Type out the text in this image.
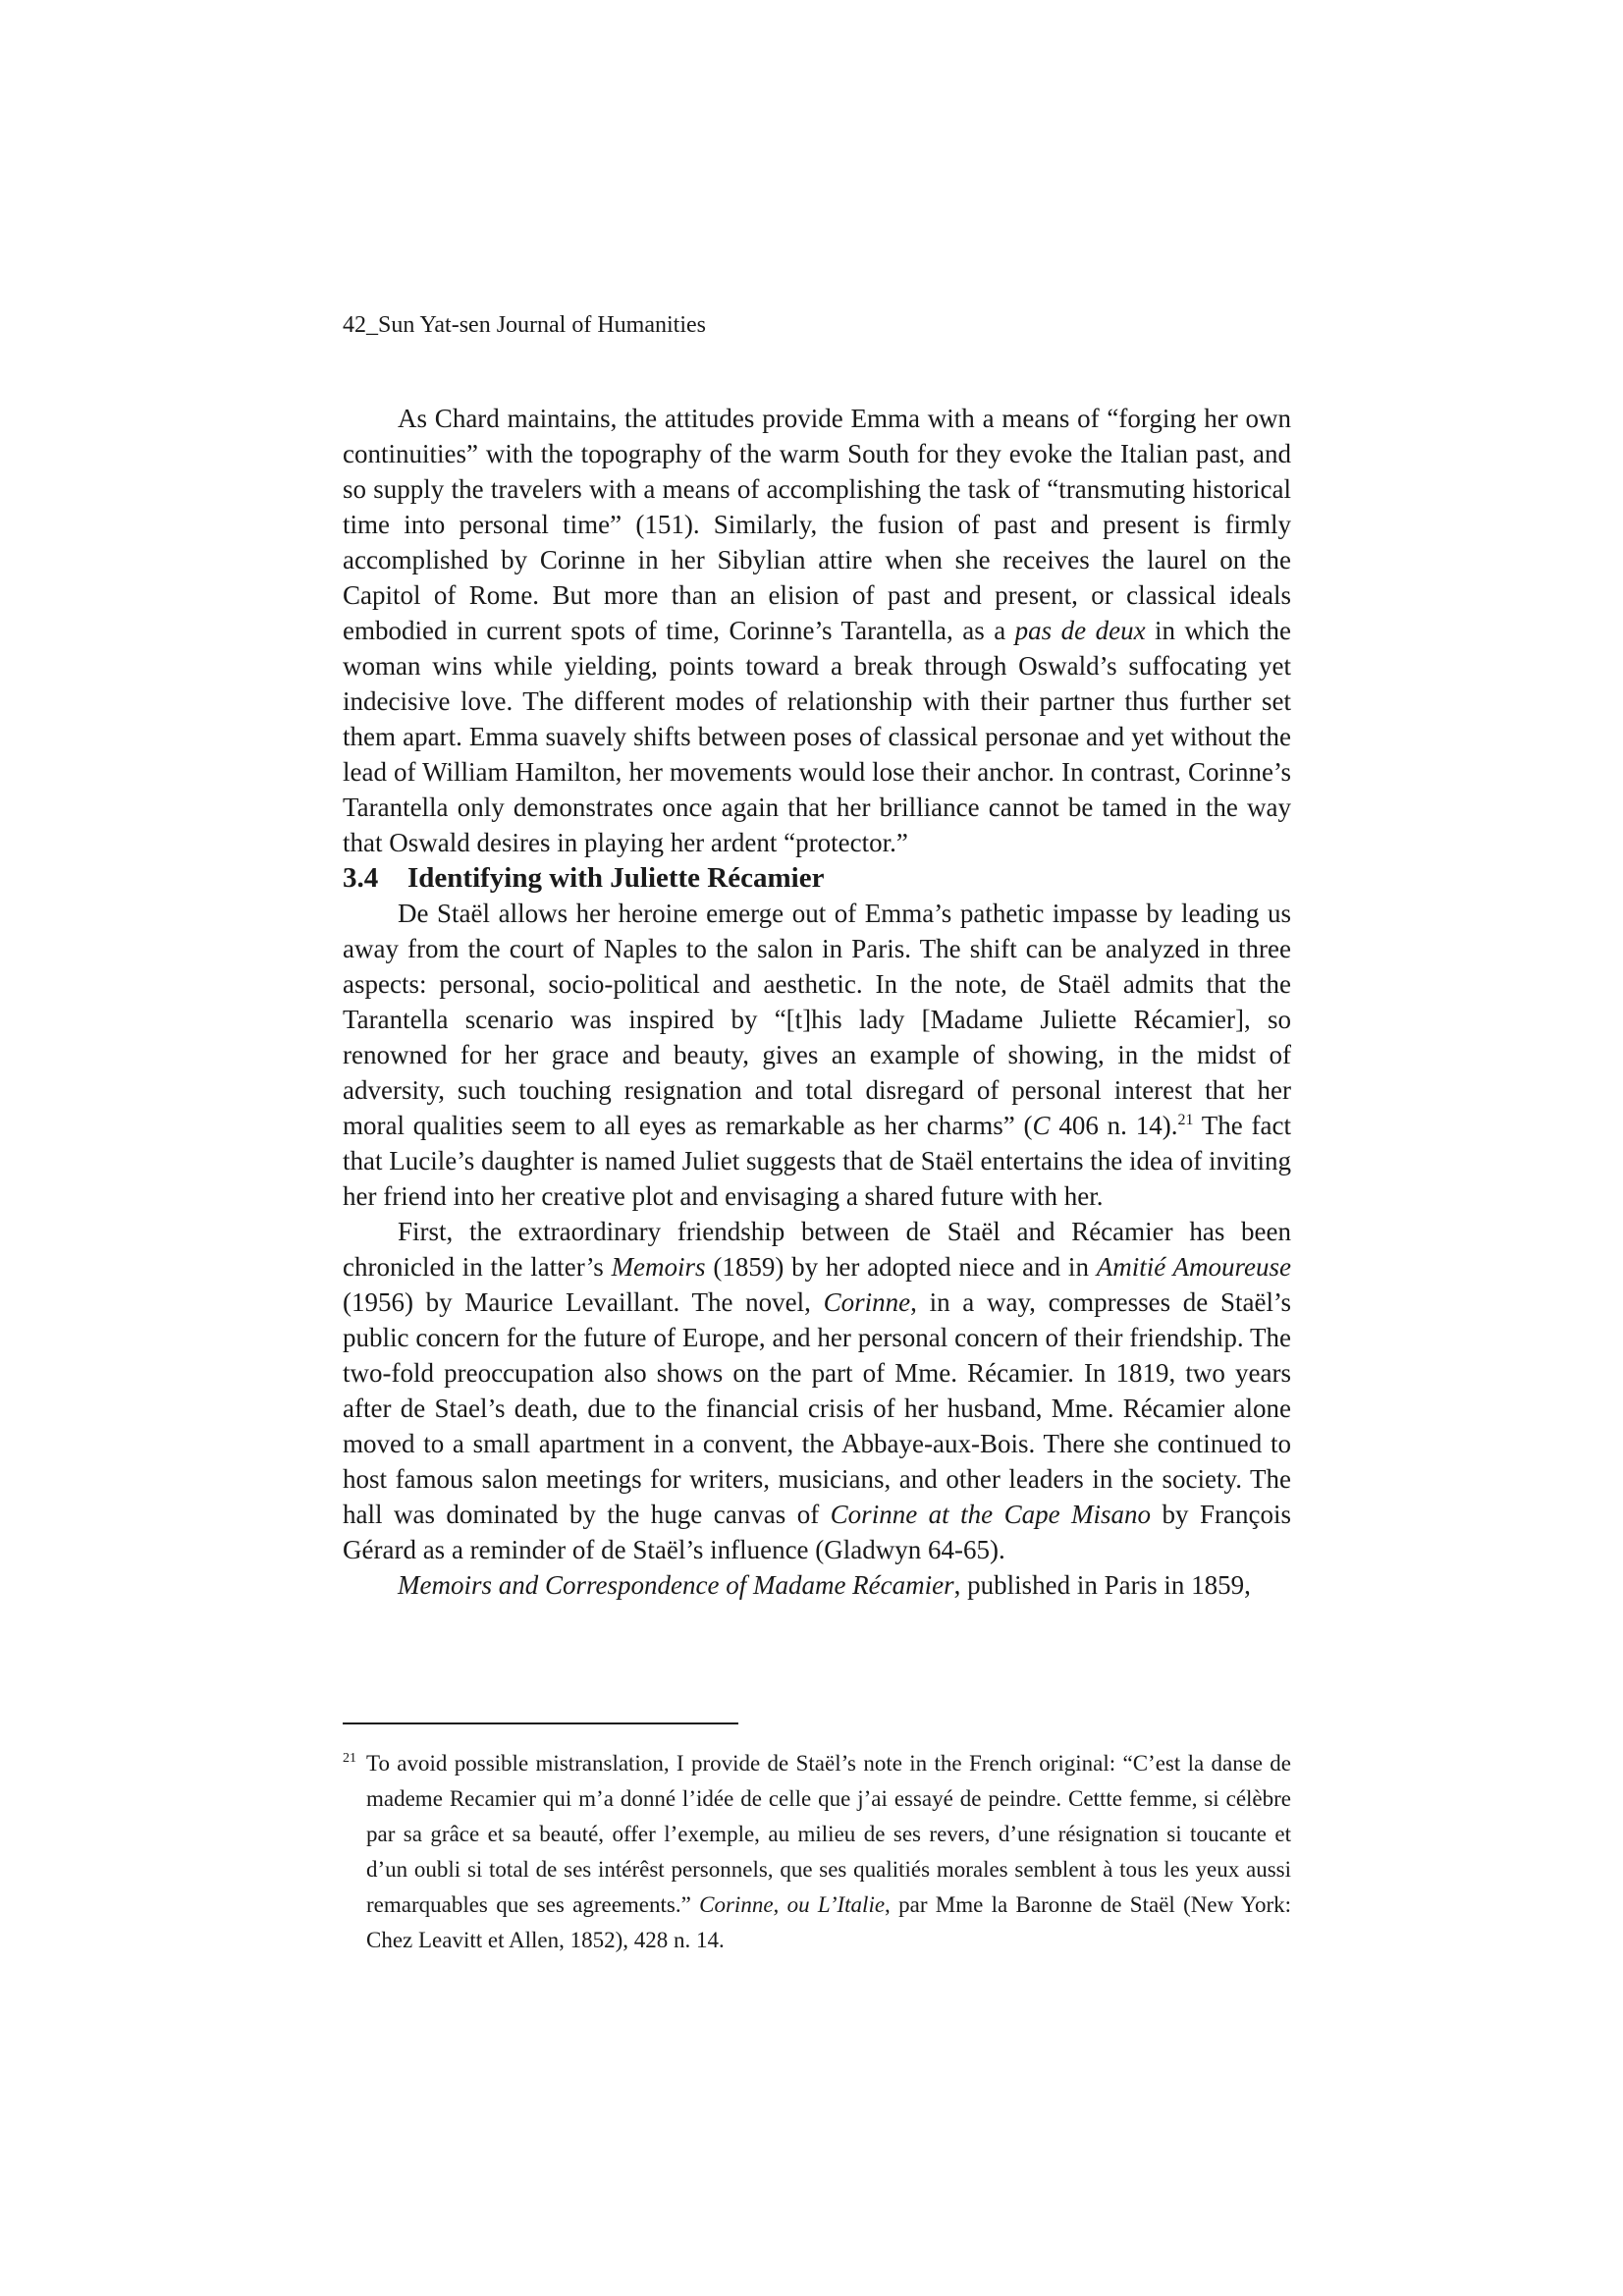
42_Sun Yat-sen Journal of Humanities

As Chard maintains, the attitudes provide Emma with a means of “forging her own continuities” with the topography of the warm South for they evoke the Italian past, and so supply the travelers with a means of accomplishing the task of “transmuting historical time into personal time” (151). Similarly, the fusion of past and present is firmly accomplished by Corinne in her Sibylian attire when she receives the laurel on the Capitol of Rome. But more than an elision of past and present, or classical ideals embodied in current spots of time, Corinne’s Tarantella, as a pas de deux in which the woman wins while yielding, points toward a break through Oswald’s suffocating yet indecisive love. The different modes of relationship with their partner thus further set them apart. Emma suavely shifts between poses of classical personae and yet without the lead of William Hamilton, her movements would lose their anchor. In contrast, Corinne’s Tarantella only demonstrates once again that her brilliance cannot be tamed in the way that Oswald desires in playing her ardent “protector.”

3.4 Identifying with Juliette Récamier

De Staël allows her heroine emerge out of Emma’s pathetic impasse by leading us away from the court of Naples to the salon in Paris. The shift can be analyzed in three aspects: personal, socio-political and aesthetic. In the note, de Staël admits that the Tarantella scenario was inspired by “[t]his lady [Madame Juliette Récamier], so renowned for her grace and beauty, gives an example of showing, in the midst of adversity, such touching resignation and total disregard of personal interest that her moral qualities seem to all eyes as remarkable as her charms” (C 406 n. 14).$^{21}$ The fact that Lucile’s daughter is named Juliet suggests that de Staël entertains the idea of inviting her friend into her creative plot and envisaging a shared future with her.

First, the extraordinary friendship between de Staël and Récamier has been chronicled in the latter’s Memoirs (1859) by her adopted niece and in Amitié Amoureuse (1956) by Maurice Levaillant. The novel, Corinne, in a way, compresses de Staël’s public concern for the future of Europe, and her personal concern of their friendship. The two-fold preoccupation also shows on the part of Mme. Récamier. In 1819, two years after de Stael’s death, due to the financial crisis of her husband, Mme. Récamier alone moved to a small apartment in a convent, the Abbaye-aux-Bois. There she continued to host famous salon meetings for writers, musicians, and other leaders in the society. The hall was dominated by the huge canvas of Corinne at the Cape Misano by François Gérard as a reminder of de Staël’s influence (Gladwyn 64-65).

Memoirs and Correspondence of Madame Récamier, published in Paris in 1859,

$^{21}$ To avoid possible mistranslation, I provide de Staël’s note in the French original: “C’est la danse de mademe Recamier qui m’a donné l’idée de celle que j’ai essayé de peindre. Cettte femme, si célèbre par sa grâce et sa beauté, offer l’exemple, au milieu de ses revers, d’une résignation si toucante et d’un oubli si total de ses intérêst personnels, que ses qualitiés morales semblent à tous les yeux aussi remarquables que ses agreements.” Corinne, ou L’Italie, par Mme la Baronne de Staël (New York: Chez Leavitt et Allen, 1852), 428 n. 14.
